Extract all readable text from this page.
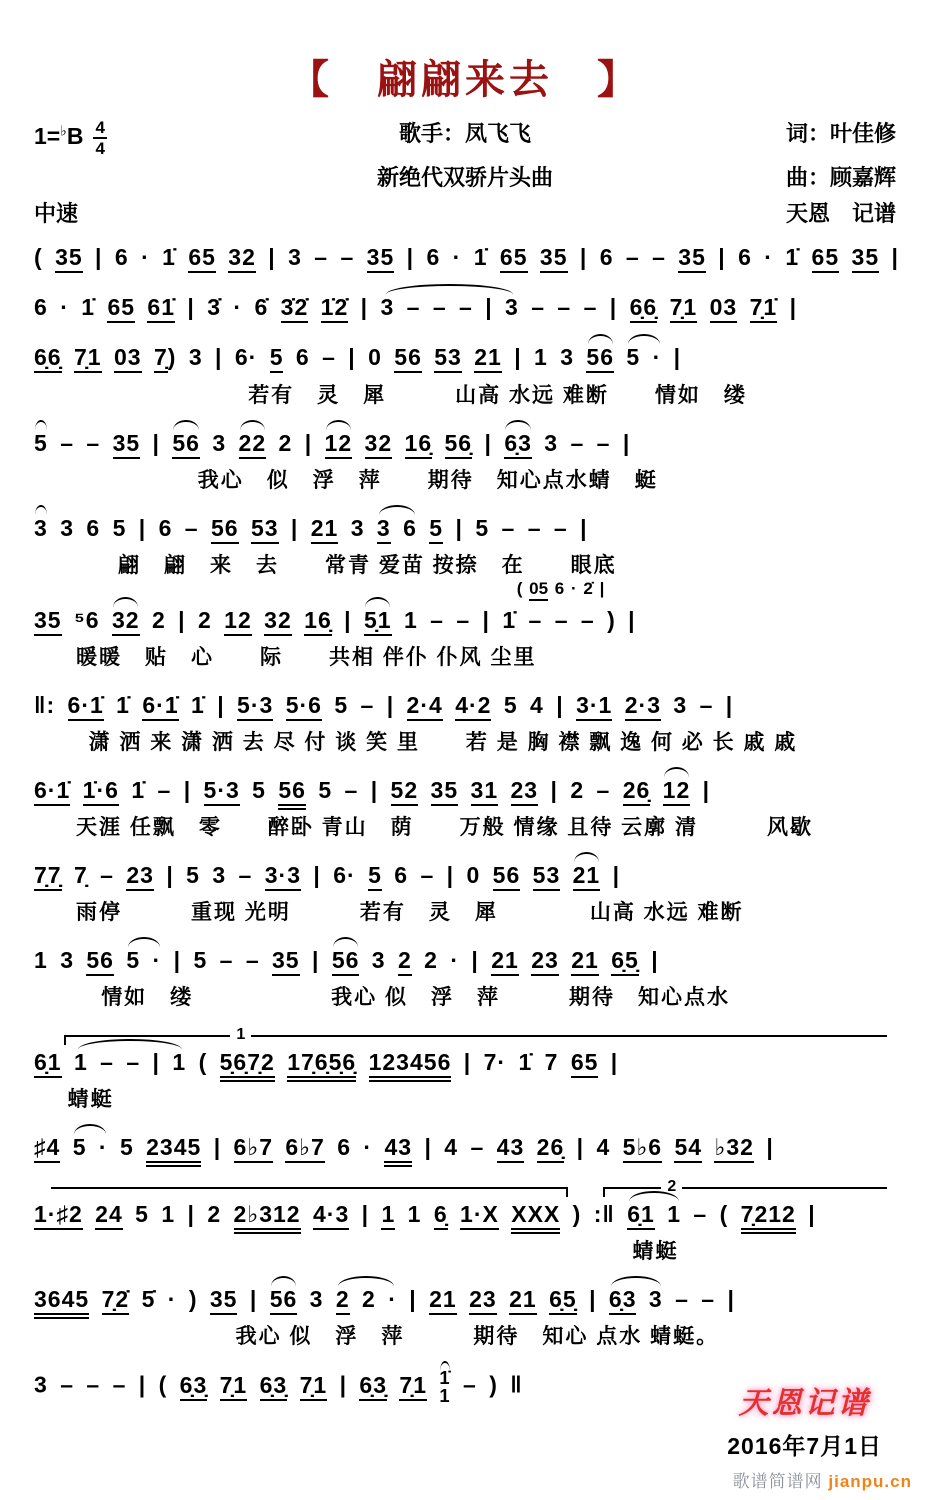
【　翩翩来去　】
$1=^♭B \frac{4}{4}$	歌手：凤飞飞	词：叶佳修
新绝代双骄片头曲	曲：顾嘉辉
中速	天恩　记谱
( 35 | 6 · 1 65 32 | 3 – – 35 | 6 · 1 65 35 | 6 – – 35 | 6 · 1 65 35 |
6 · 1 65 61 | 3 · 6 32 12 | 3 – – – | 3 – – – | 66 71 03 71 |
66 71 03 7) 3 | 6· 5 6 – | 0 56 53 21 | 1 3 56 5 · |
若有　灵　犀　　　山高 水远 难断　　情如　缕
5 – – 35 | 56 3 22 2 | 12 32 16 56 | 63 3 – – |
我心　似　浮　萍　　期待　知心点水蜻　蜓
3 3 6 5 | 6 – 56 53 | 21 3 3 6 5 | 5 – – – |
翩　翩　来　去　　常青 爱苗 按捺　在　　眼底
( 05 6 · 2 |
35 ⁵6 32 2 | 2 12 32 16 | 51 1 – – | 1 – – – ) |
暖暖　贴　心　　际　　共相 伴仆 仆风 尘里
‖: 6·1 1 6·1 1 | 5·3 5·6 5 – | 2·4 4·2 5 4 | 3·1 2·3 3 – |
潇 洒 来 潇 洒 去 尽 付 谈 笑 里　　若 是 胸 襟 飘 逸 何 必 长 戚 戚
6·1 1·6 1 – | 5·3 5 56 5 – | 52 35 31 23 | 2 – 26 12 |
天涯 任飘　零　　醉卧 青山　荫　　万般 情缘 且待 云廓 清　　　风歇
77 7 – 23 | 5 3 – 3·3 | 6· 5 6 – | 0 56 53 21 |
雨停　　　重现 光明　　　若有　灵　犀　　　　山高 水远 难断
1 3 56 5 · | 5 – – 35 | 56 3 2 2 · | 21 23 21 65 |
情如　缕　　　　　　我心 似　浮　萍　　　期待　知心点水
1
61 1 – – | 1 ( 5672 17656 123456 | 7· 1 7 65 |
蜻蜓
♯4 5 · 5 2345 | 6♭7 6♭7 6 · 43 | 4 – 43 26 | 4 5♭6 54 ♭32 |
2
1·♯2 24 5 1 | 2 2♭312 4·3 | 1 1 6 1·X XXX ) :‖ 61 1 – ( 7212 |
蜻蜓
3645 72 5 · ) 35 | 56 3 2 2 · | 21 23 21 65 | 63 3 – – |
我心 似　浮　萍　　　期待　知心 点水 蜻蜓。
3 – – – | ( 63 71 63 71 | 63 71 1̇
1 – ) ‖
天恩记谱
2016年7月1日
歌谱简谱网 jianpu.cn
